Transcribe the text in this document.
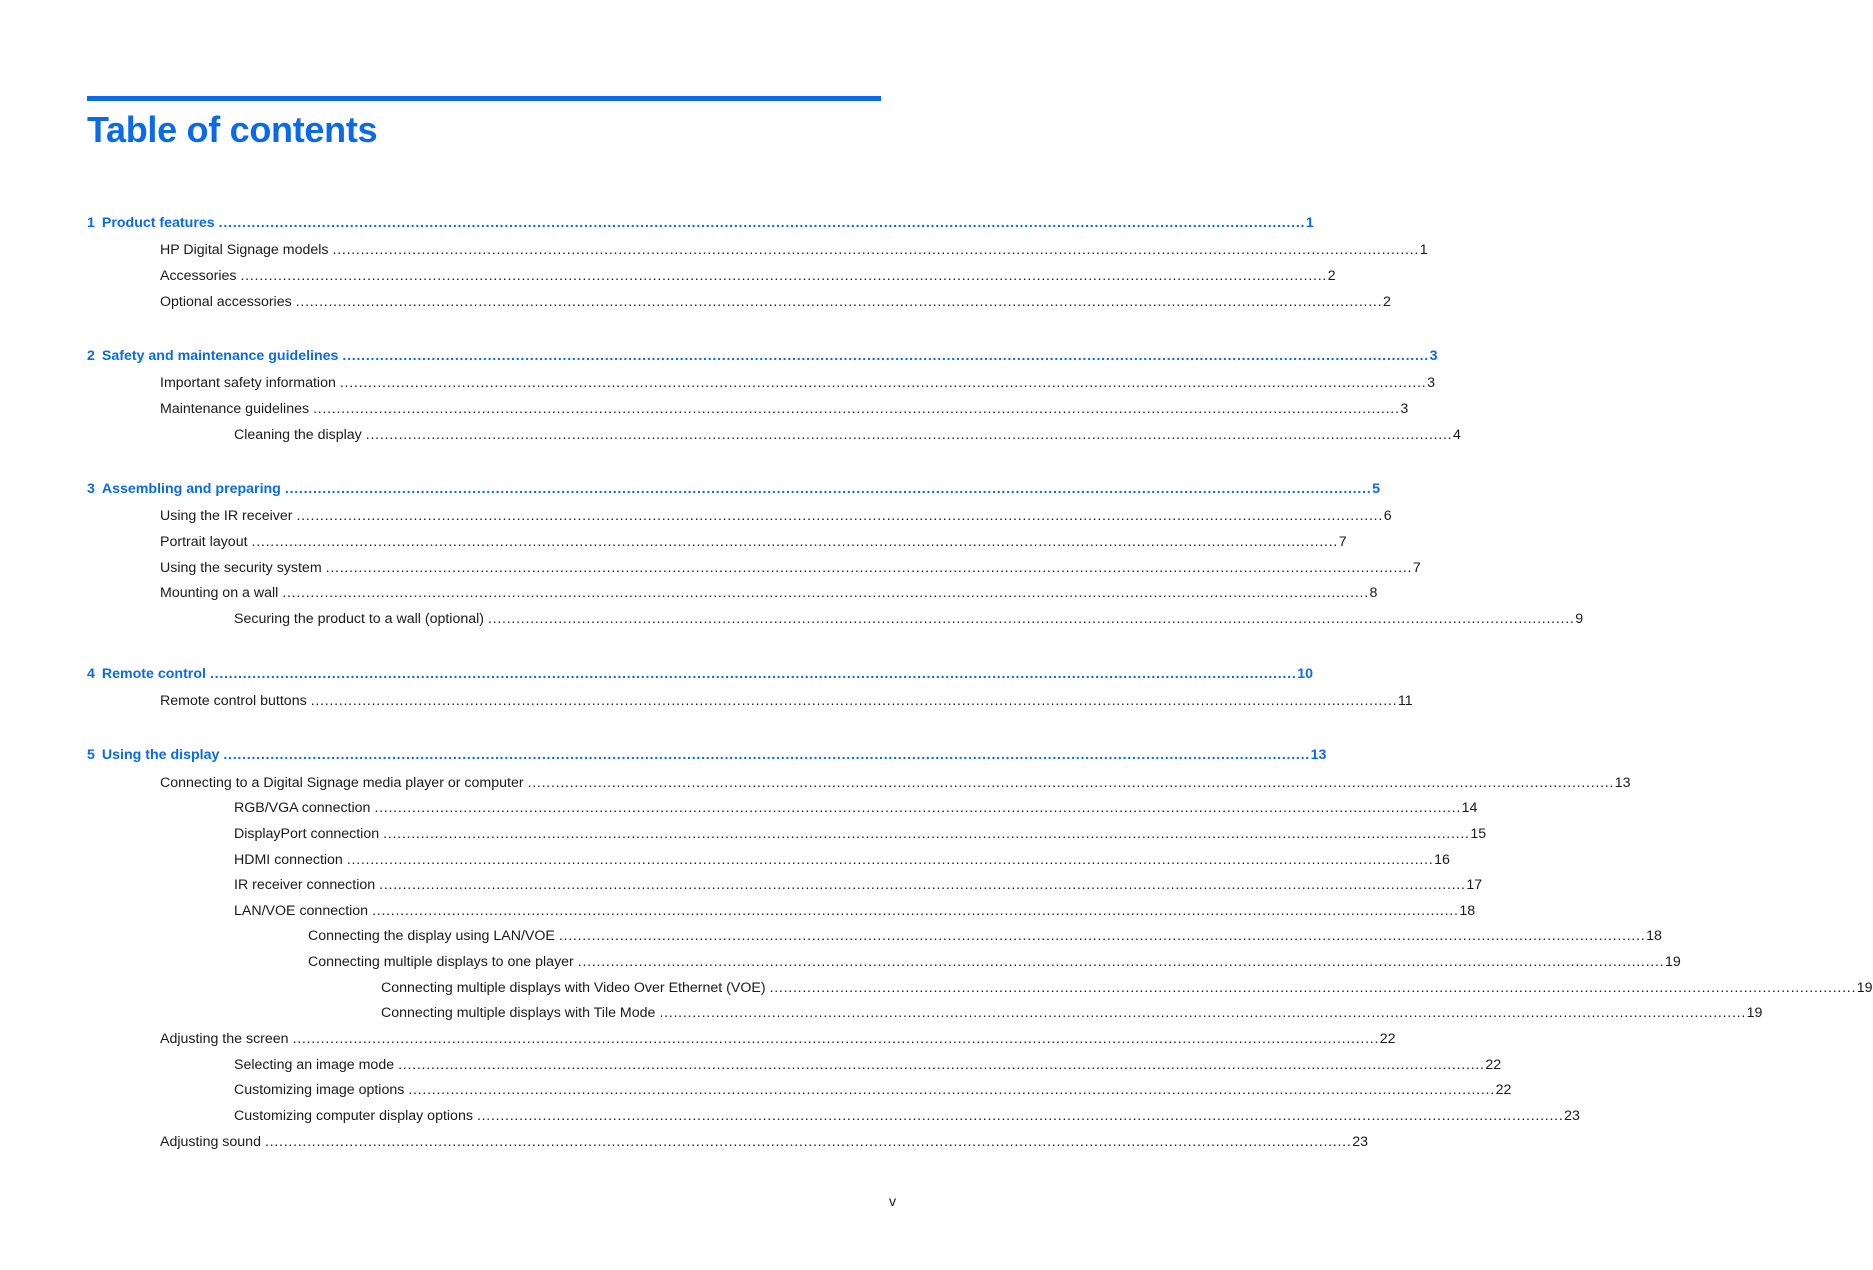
Table of contents
1 Product features . . .	1
HP Digital Signage models . . .	1
Accessories . . .	2
Optional accessories . . .	2
2 Safety and maintenance guidelines . . .	3
Important safety information . . .	3
Maintenance guidelines . . .	3
Cleaning the display . . .	4
3 Assembling and preparing . . .	5
Using the IR receiver . . .	6
Portrait layout . . .	7
Using the security system . . .	7
Mounting on a wall . . .	8
Securing the product to a wall (optional) . . .	9
4 Remote control . . .	10
Remote control buttons . . .	11
5 Using the display . . .	13
Connecting to a Digital Signage media player or computer . . .	13
RGB/VGA connection . . .	14
DisplayPort connection . . .	15
HDMI connection . . .	16
IR receiver connection . . .	17
LAN/VOE connection . . .	18
Connecting the display using LAN/VOE . . .	18
Connecting multiple displays to one player . . .	19
Connecting multiple displays with Video Over Ethernet (VOE) . . .	19
Connecting multiple displays with Tile Mode . . .	19
Adjusting the screen . . .	22
Selecting an image mode . . .	22
Customizing image options . . .	22
Customizing computer display options . . .	23
Adjusting sound . . .	23
v
